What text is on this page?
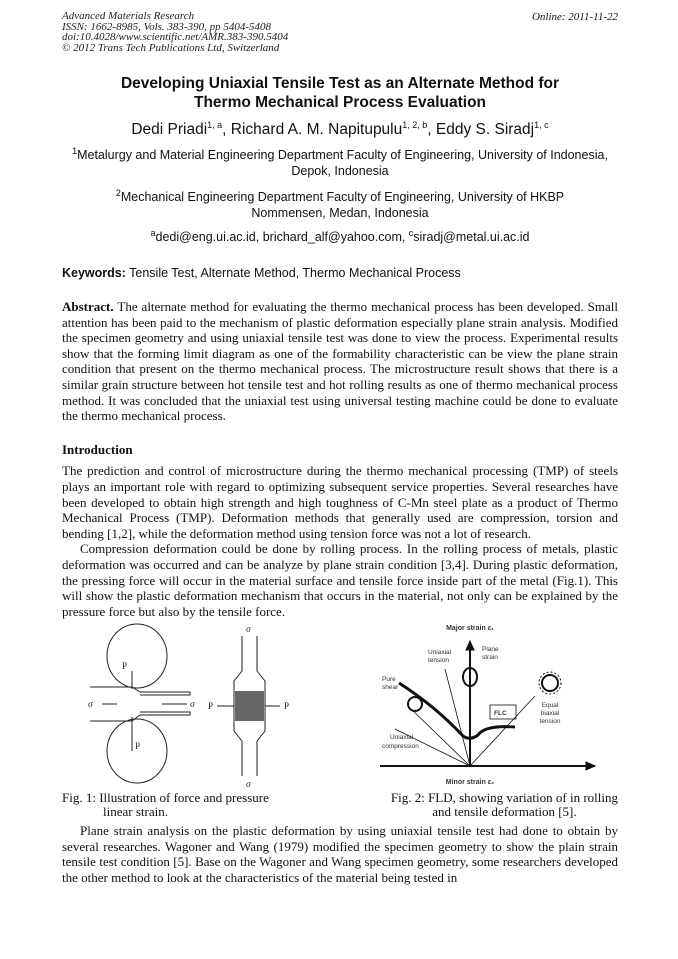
Advanced Materials Research
ISSN: 1662-8985, Vols. 383-390, pp 5404-5408
doi:10.4028/www.scientific.net/AMR.383-390.5404
© 2012 Trans Tech Publications Ltd, Switzerland
Online: 2011-11-22
Developing Uniaxial Tensile Test as an Alternate Method for
Thermo Mechanical Process Evaluation
Dedi Priadi$^{1, a}$, Richard A. M. Napitupulu$^{1, 2, b}$, Eddy S. Siradj$^{1, c}$
$^1$Metalurgy and Material Engineering Department Faculty of Engineering, University of Indonesia, Depok, Indonesia
$^2$Mechanical Engineering Department Faculty of Engineering, University of HKBP Nommensen, Medan, Indonesia
$^a$dedi@eng.ui.ac.id, brichard_alf@yahoo.com, $^c$siradj@metal.ui.ac.id
Keywords: Tensile Test, Alternate Method, Thermo Mechanical Process
Abstract. The alternate method for evaluating the thermo mechanical process has been developed. Small attention has been paid to the mechanism of plastic deformation especially plane strain analysis. Modified the specimen geometry and using uniaxial tensile test was done to view the process. Experimental results show that the forming limit diagram as one of the formability characteristic can be view the plane strain condition that present on the thermo mechanical process. The microstructure result shows that there is a similar grain structure between hot tensile test and hot rolling results as one of thermo mechanical process method. It was concluded that the uniaxial test using universal testing machine could be done to evaluate the thermo mechanical process.
Introduction

The prediction and control of microstructure during the thermo mechanical processing (TMP) of steels plays an important role with regard to optimizing subsequent service properties. Several researches have been developed to obtain high strength and high toughness of C-Mn steel plate as a product of Thermo Mechanical Process (TMP). Deformation methods that generally used are compression, torsion and bending [1,2], while the deformation method using tension force was not a lot of research.

Compression deformation could be done by rolling process. In the rolling process of metals, plastic deformation was occurred and can be analyze by plane strain condition [3,4]. During plastic deformation, the pressing force will occur in the material surface and tensile force inside part of the metal (Fig.1). This will show the plastic deformation mechanism that occurs in the material, not only can be explained by the pressure force but also by the tensile force.

P
P
σ	σ
σ
σ
P	P
Major strain ε₁
Minor strain ε₂
Uniaxial
tension
Plane
strain
Pure
shear
FLC
Equal
biaxial
tension
Uniaxial
compression
Fig. 1: Illustration of force and pressure
linear strain.
Fig. 2: FLD, showing variation of in rolling
and tensile deformation [5].

Plane strain analysis on the plastic deformation by using uniaxial tensile test had done to obtain by several researches. Wagoner and Wang (1979) modified the specimen geometry to show the plain strain tensile test condition [5]. Base on the Wagoner and Wang specimen geometry, some researchers developed the other method to look at the characteristics of the material being tested in
